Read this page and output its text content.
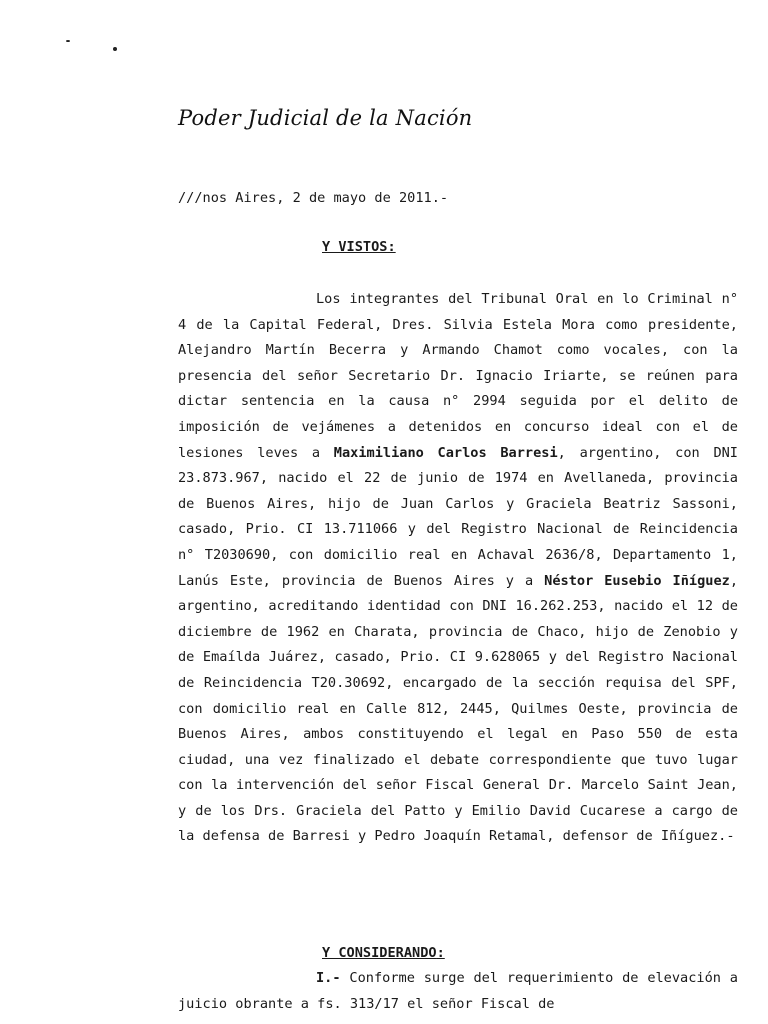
Poder Judicial de la Nación
///nos Aires, 2 de mayo de 2011.-
Y VISTOS:

Los integrantes del Tribunal Oral en lo Criminal n° 4 de la Capital Federal, Dres. Silvia Estela Mora como presidente, Alejandro Martín Becerra y Armando Chamot como vocales, con la presencia del señor Secretario Dr. Ignacio Iriarte, se reúnen para dictar sentencia en la causa n° 2994 seguida por el delito de imposición de vejámenes a detenidos en concurso ideal con el de lesiones leves a Maximiliano Carlos Barresi, argentino, con DNI 23.873.967, nacido el 22 de junio de 1974 en Avellaneda, provincia de Buenos Aires, hijo de Juan Carlos y Graciela Beatriz Sassoni, casado, Prio. CI 13.711066 y del Registro Nacional de Reincidencia n° T2030690, con domicilio real en Achaval 2636/8, Departamento 1, Lanús Este, provincia de Buenos Aires y a Néstor Eusebio Iñíguez, argentino, acreditando identidad con DNI 16.262.253, nacido el 12 de diciembre de 1962 en Charata, provincia de Chaco, hijo de Zenobio y de Emaílda Juárez, casado, Prio. CI 9.628065 y del Registro Nacional de Reincidencia T20.30692, encargado de la sección requisa del SPF, con domicilio real en Calle 812, 2445, Quilmes Oeste, provincia de Buenos Aires, ambos constituyendo el legal en Paso 550 de esta ciudad, una vez finalizado el debate correspondiente que tuvo lugar con la intervención del señor Fiscal General Dr. Marcelo Saint Jean, y de los Drs. Graciela del Patto y Emilio David Cucarese a cargo de la defensa de Barresi y Pedro Joaquín Retamal, defensor de Iñíguez.-

Y CONSIDERANDO:

I.- Conforme surge del requerimiento de elevación a juicio obrante a fs. 313/17 el señor Fiscal de
